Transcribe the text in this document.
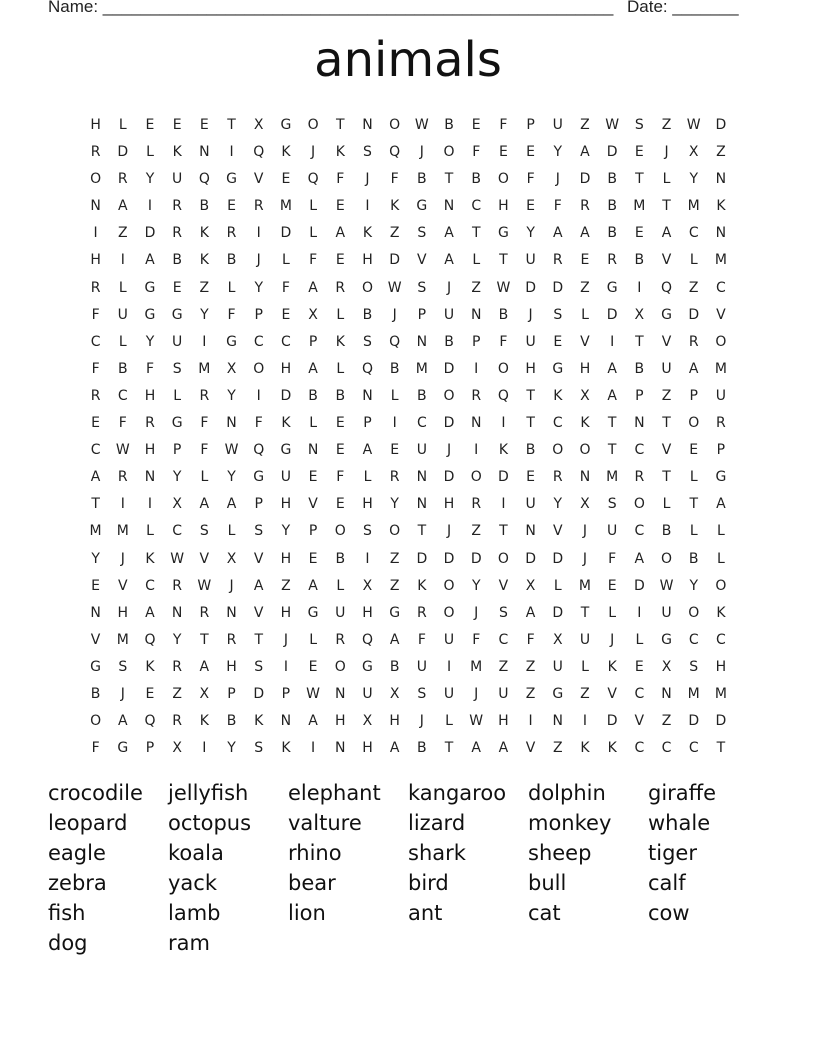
Name: ______________________________________________________ Date: _______
animals
H	L	E	E	E	T	X	G	O	T	N	O	W	B	E	F	P	U	Z	W	S	Z	W	D
R	D	L	K	N	I	Q	K	J	K	S	Q	J	O	F	E	E	Y	A	D	E	J	X	Z
O	R	Y	U	Q	G	V	E	Q	F	J	F	B	T	B	O	F	J	D	B	T	L	Y	N
N	A	I	R	B	E	R	M	L	E	I	K	G	N	C	H	E	F	R	B	M	T	M	K
I	Z	D	R	K	R	I	D	L	A	K	Z	S	A	T	G	Y	A	A	B	E	A	C	N
H	I	A	B	K	B	J	L	F	E	H	D	V	A	L	T	U	R	E	R	B	V	L	M
R	L	G	E	Z	L	Y	F	A	R	O	W	S	J	Z	W	D	D	Z	G	I	Q	Z	C
F	U	G	G	Y	F	P	E	X	L	B	J	P	U	N	B	J	S	L	D	X	G	D	V
C	L	Y	U	I	G	C	C	P	K	S	Q	N	B	P	F	U	E	V	I	T	V	R	O
F	B	F	S	M	X	O	H	A	L	Q	B	M	D	I	O	H	G	H	A	B	U	A	M
R	C	H	L	R	Y	I	D	B	B	N	L	B	O	R	Q	T	K	X	A	P	Z	P	U
E	F	R	G	F	N	F	K	L	E	P	I	C	D	N	I	T	C	K	T	N	T	O	R
C	W	H	P	F	W	Q	G	N	E	A	E	U	J	I	K	B	O	O	T	C	V	E	P
A	R	N	Y	L	Y	G	U	E	F	L	R	N	D	O	D	E	R	N	M	R	T	L	G
T	I	I	X	A	A	P	H	V	E	H	Y	N	H	R	I	U	Y	X	S	O	L	T	A
M	M	L	C	S	L	S	Y	P	O	S	O	T	J	Z	T	N	V	J	U	C	B	L	L
Y	J	K	W	V	X	V	H	E	B	I	Z	D	D	D	O	D	D	J	F	A	O	B	L
E	V	C	R	W	J	A	Z	A	L	X	Z	K	O	Y	V	X	L	M	E	D	W	Y	O
N	H	A	N	R	N	V	H	G	U	H	G	R	O	J	S	A	D	T	L	I	U	O	K
V	M	Q	Y	T	R	T	J	L	R	Q	A	F	U	F	C	F	X	U	J	L	G	C	C
G	S	K	R	A	H	S	I	E	O	G	B	U	I	M	Z	Z	U	L	K	E	X	S	H
B	J	E	Z	X	P	D	P	W	N	U	X	S	U	J	U	Z	G	Z	V	C	N	M	M
O	A	Q	R	K	B	K	N	A	H	X	H	J	L	W	H	I	N	I	D	V	Z	D	D
F	G	P	X	I	Y	S	K	I	N	H	A	B	T	A	A	V	Z	K	K	C	C	C	T
crocodile	jellyfish	elephant	kangaroo	dolphin	giraffe
leopard	octopus	valture	lizard	monkey	whale
eagle	koala	rhino	shark	sheep	tiger
zebra	yack	bear	bird	bull	calf
fish	lamb	lion	ant	cat	cow
dog	ram
